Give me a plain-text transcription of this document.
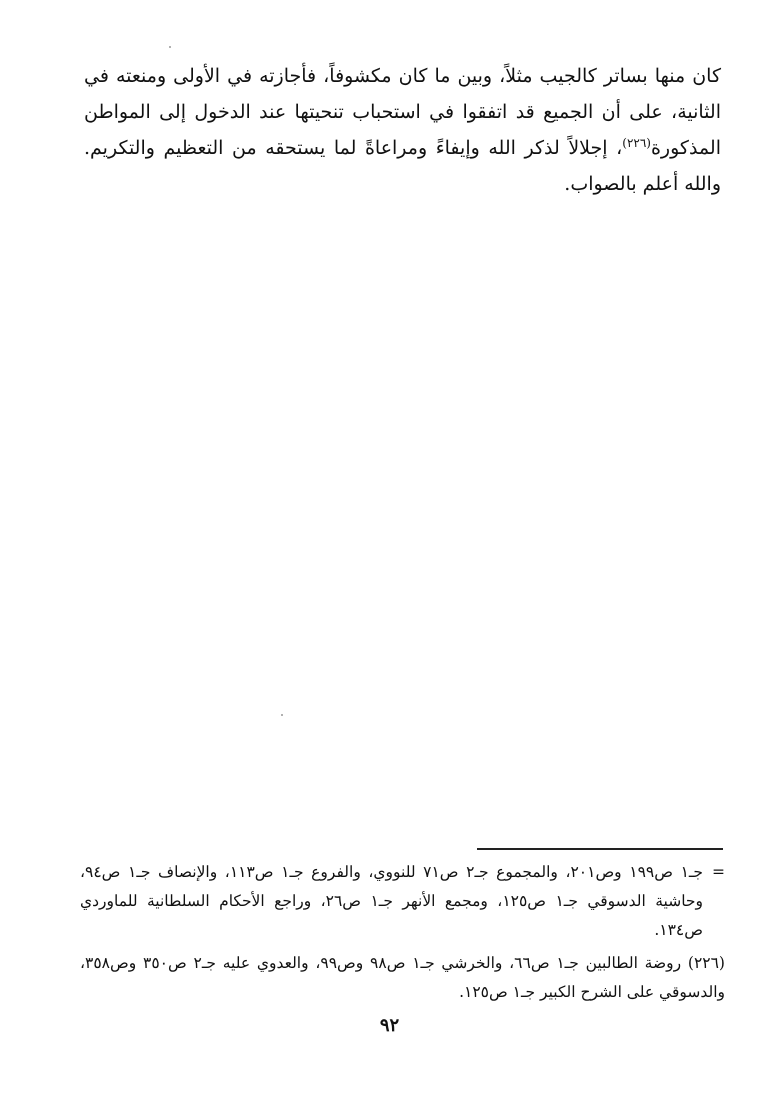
كان منها بساتر كالجيب مثلاً، وبين ما كان مكشوفاً، فأجازته في الأولى ومنعته في الثانية، على أن الجميع قد اتفقوا في استحباب تنحيتها عند الدخول إلى المواطن المذكورة$^{(٢٢٦)}$، إجلالاً لذكر الله وإيفاءً ومراعاةً لما يستحقه من التعظيم والتكريم. والله أعلم بالصواب.

=
جـ١ ص١٩٩ وص٢٠١، والمجموع جـ٢ ص٧١ للنووي، والفروع جـ١ ص١١٣، والإنصاف جـ١ ص٩٤، وحاشية الدسوقي جـ١ ص١٢٥، ومجمع الأنهر جـ١ ص٢٦، وراجع الأحكام السلطانية للماوردي ص١٣٤.

(٢٢٦) روضة الطالبين جـ١ ص٦٦، والخرشي جـ١ ص٩٨ وص٩٩، والعدوي عليه جـ٢ ص٣٥٠ وص٣٥٨، والدسوقي على الشرح الكبير جـ١ ص١٢٥.

٩٢
